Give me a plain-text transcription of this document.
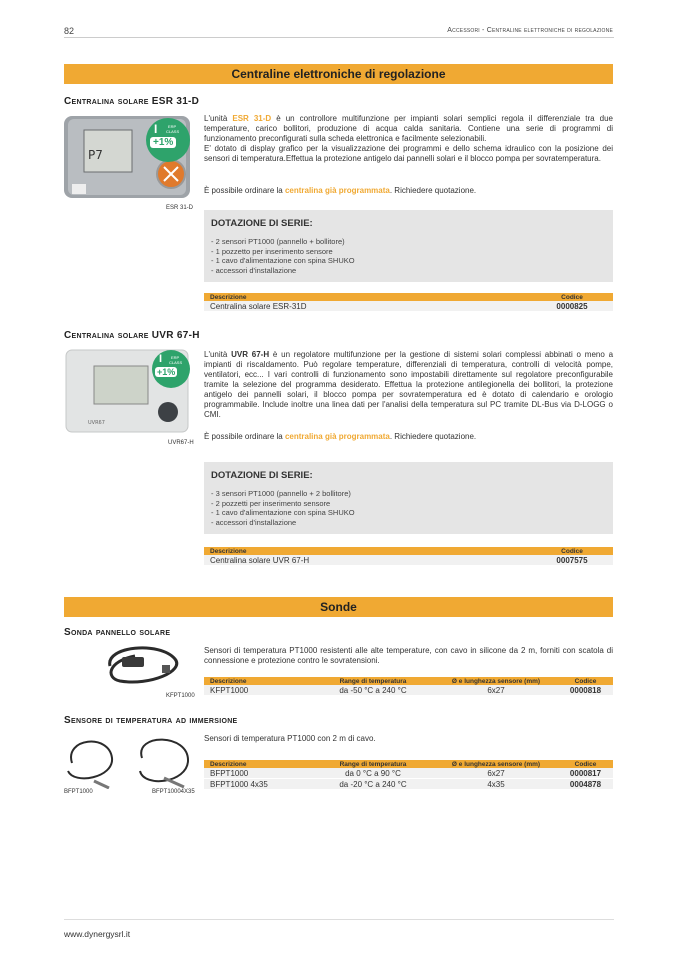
82	Accessori - Centraline elettroniche di regolazione
Centraline elettroniche di regolazione
Centralina solare ESR 31-D
P7
I	ERP
CLASS
+1%
ESR 31-D
L'unità ESR 31-D è un controllore multifunzione per impianti solari semplici regola il differenziale tra due temperature, carico bollitori, produzione di acqua calda sanitaria. Contiene una serie di programmi di funzionamento preconfigurati sulla scheda elettronica e facilmente selezionabili.
E' dotato di display grafico per la visualizzazione dei programmi e dello schema idraulico con la posizione dei sensori di temperatura.Effettua la protezione antigelo dai pannelli solari e il blocco pompa per sovratemperatura.
È possibile ordinare la centralina già programmata. Richiedere quotazione.
DOTAZIONE DI SERIE:
- 2 sensori PT1000 (pannello + bollitore)
- 1 pozzetto per inserimento sensore
- 1 cavo d'alimentazione con spina SHUKO
- accessori d'installazione
Descrizione	Codice
Centralina solare ESR-31D	0000825
Centralina solare UVR 67-H
UVR67
I ERP
CLASS
+1%
UVR67-H
L'unità UVR 67-H è un regolatore multifunzione per la gestione di sistemi solari complessi abbinati o meno a impianti di riscaldamento. Può regolare temperature, differenziali di temperatura, controlli di velocità pompe, ventilatori, ecc... I vari controlli di funzionamento sono impostabili direttamente sul regolatore preconfigurabile tramite la selezione del programma desiderato. Effettua la protezione antilegionella dei bollitori, la protezione antigelo dei pannelli solari, il blocco pompa per sovratemperatura ed è dotato di calendario e orologio programmabile. Include inoltre una linea dati per l'analisi della temperatura sul PC tramite DL-Bus via D-LOGG o CMI.
È possibile ordinare la centralina già programmata. Richiedere quotazione.
DOTAZIONE DI SERIE:
- 3 sensori PT1000 (pannello + 2 bollitore)
- 2 pozzetti per inserimento sensore
- 1 cavo d'alimentazione con spina SHUKO
- accessori d'installazione
Descrizione	Codice
Centralina solare UVR 67-H	0007575
Sonde
Sonda pannello solare
KFPT1000
Sensori di temperatura PT1000 resistenti alle alte temperature, con cavo in silicone da 2 m, forniti con scatola di connessione e protezione contro le sovratensioni.
Descrizione	Range di temperatura	Ø e lunghezza sensore (mm)	Codice
KFPT1000	da -50 °C a 240 °C	6x27	0000818
Sensore di temperatura ad immersione
BFPT1000	BFPT10004X35
Sensori di temperatura PT1000 con 2 m di cavo.
Descrizione	Range di temperatura	Ø e lunghezza sensore (mm)	Codice
BFPT1000	da 0 °C a 90 °C	6x27	0000817
BFPT1000 4x35	da -20 °C a 240 °C	4x35	0004878
www.dynergysrl.it
